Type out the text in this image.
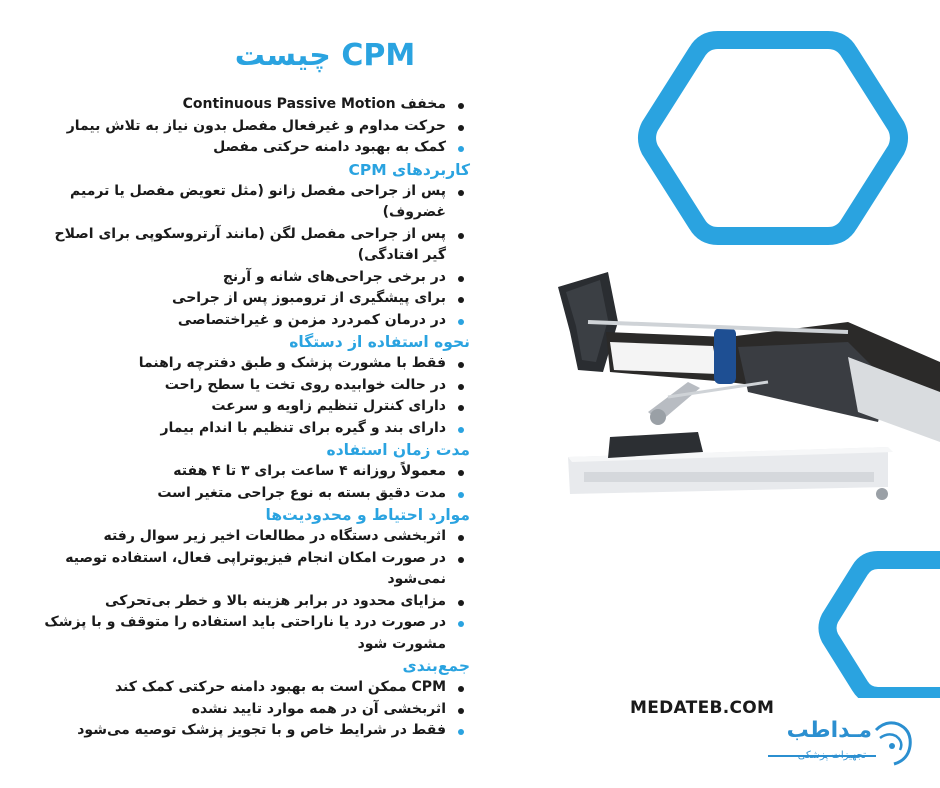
CPM چیست
مخفف Continuous Passive Motion
حرکت مداوم و غیرفعال مفصل بدون نیاز به تلاش بیمار
کمک به بهبود دامنه حرکتی مفصل
کاربردهای CPM
پس از جراحی مفصل زانو (مثل تعویض مفصل یا ترمیم غضروف)
پس از جراحی مفصل لگن (مانند آرتروسکوپی برای اصلاح گیر افتادگی)
در برخی جراحی‌های شانه و آرنج
برای پیشگیری از ترومبوز پس از جراحی
در درمان کمردرد مزمن و غیراختصاصی
نحوه استفاده از دستگاه
فقط با مشورت پزشک و طبق دفترچه راهنما
در حالت خوابیده روی تخت یا سطح راحت
دارای کنترل تنظیم زاویه و سرعت
دارای بند و گیره برای تنظیم با اندام بیمار
مدت زمان استفاده
معمولاً روزانه ۴ ساعت برای ۳ تا ۴ هفته
مدت دقیق بسته به نوع جراحی متغیر است
موارد احتیاط و محدودیت‌ها
اثربخشی دستگاه در مطالعات اخیر زیر سوال رفته
در صورت امکان انجام فیزیوتراپی فعال، استفاده توصیه نمی‌شود
مزایای محدود در برابر هزینه بالا و خطر بی‌تحرکی
در صورت درد یا ناراحتی باید استفاده را متوقف و با پزشک مشورت شود
جمع‌بندی
CPM ممکن است به بهبود دامنه حرکتی کمک کند
اثربخشی آن در همه موارد تایید نشده
فقط در شرایط خاص و با تجویز پزشک توصیه می‌شود
MEDATEB.COM
مـداطب
تجهیزات پزشکی
